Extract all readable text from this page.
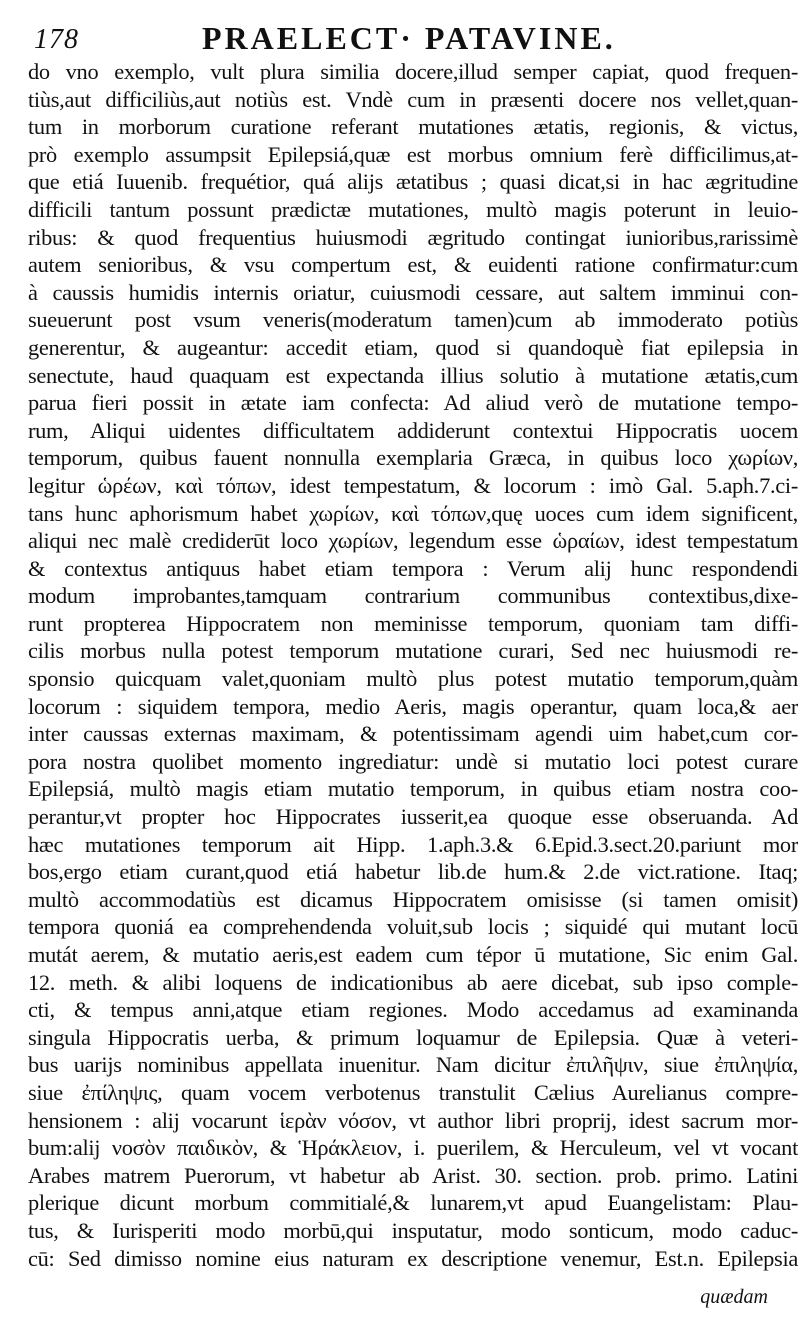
178	PRAELECT· PATAVINE.
do vno exemplo, vult plura similia docere,illud semper capiat, quod frequen-
tiùs,aut difficiliùs,aut notiùs est. Vndè cum in præsenti docere nos vellet,quan-
tum in morborum curatione referant mutationes ætatis, regionis, & victus,
prò exemplo assumpsit Epilepsiá,quæ est morbus omnium ferè difficilimus,at-
que etiá Iuuenib. frequétior, quá alijs ætatibus ; quasi dicat,si in hac ægritudine
difficili tantum possunt prædictæ mutationes, multò magis poterunt in leuio-
ribus: & quod frequentius huiusmodi ægritudo contingat iunioribus,rarissimè
autem senioribus, & vsu compertum est, & euidenti ratione confirmatur:cum
à caussis humidis internis oriatur, cuiusmodi cessare, aut saltem imminui con-
sueuerunt post vsum veneris(moderatum tamen)cum ab immoderato potiùs
generentur, & augeantur: accedit etiam, quod si quandoquè fiat epilepsia in
senectute, haud quaquam est expectanda illius solutio à mutatione ætatis,cum
parua fieri possit in ætate iam confecta: Ad aliud verò de mutatione tempo-
rum, Aliqui uidentes difficultatem addiderunt contextui Hippocratis uocem
temporum, quibus fauent nonnulla exemplaria Græca, in quibus loco χωρίων,
legitur ὡρέων, καὶ τόπων, idest tempestatum, & locorum : imò Gal. 5.aph.7.ci-
tans hunc aphorismum habet χωρίων, καὶ τόπων,quę uoces cum idem significent,
aliqui nec malè crediderūt loco χωρίων, legendum esse ὡραίων, idest tempestatum
& contextus antiquus habet etiam tempora : Verum alij hunc respondendi
modum improbantes,tamquam contrarium communibus contextibus,dixe-
runt propterea Hippocratem non meminisse temporum, quoniam tam diffi-
cilis morbus nulla potest temporum mutatione curari, Sed nec huiusmodi re-
sponsio quicquam valet,quoniam multò plus potest mutatio temporum,quàm
locorum : siquidem tempora, medio Aeris, magis operantur, quam loca,& aer
inter caussas externas maximam, & potentissimam agendi uim habet,cum cor-
pora nostra quolibet momento ingrediatur: undè si mutatio loci potest curare
Epilepsiá, multò magis etiam mutatio temporum, in quibus etiam nostra coo-
perantur,vt propter hoc Hippocrates iusserit,ea quoque esse obseruanda. Ad
hæc mutationes temporum ait Hipp. 1.aph.3.& 6.Epid.3.sect.20.pariunt mor
bos,ergo etiam curant,quod etiá habetur lib.de hum.& 2.de vict.ratione. Itaq;
multò accommodatiùs est dicamus Hippocratem omisisse (si tamen omisit)
tempora quoniá ea comprehendenda voluit,sub locis ; siquidé qui mutant locū
mutát aerem, & mutatio aeris,est eadem cum tépor ū mutatione, Sic enim Gal.
12. meth. & alibi loquens de indicationibus ab aere dicebat, sub ipso comple-
cti, & tempus anni,atque etiam regiones. Modo accedamus ad examinanda
singula Hippocratis uerba, & primum loquamur de Epilepsia. Quæ à veteri-
bus uarijs nominibus appellata inuenitur. Nam dicitur ἐπιλῆψιν, siue ἐπιληψία,
siue ἐπίληψις, quam vocem verbotenus transtulit Cælius Aurelianus compre-
hensionem : alij vocarunt ἱερὰν νόσον, vt author libri proprij, idest sacrum mor-
bum:alij νοσὸν παιδικὸν, & Ἡράκλειον, i. puerilem, & Herculeum, vel vt vocant
Arabes matrem Puerorum, vt habetur ab Arist. 30. section. prob. primo. Latini
plerique dicunt morbum commitialé,& lunarem,vt apud Euangelistam: Plau-
tus, & Iurisperiti modo morbū,qui insputatur, modo sonticum, modo caduc-
cū: Sed dimisso nomine eius naturam ex descriptione venemur, Est.n. Epilepsia
quædam
